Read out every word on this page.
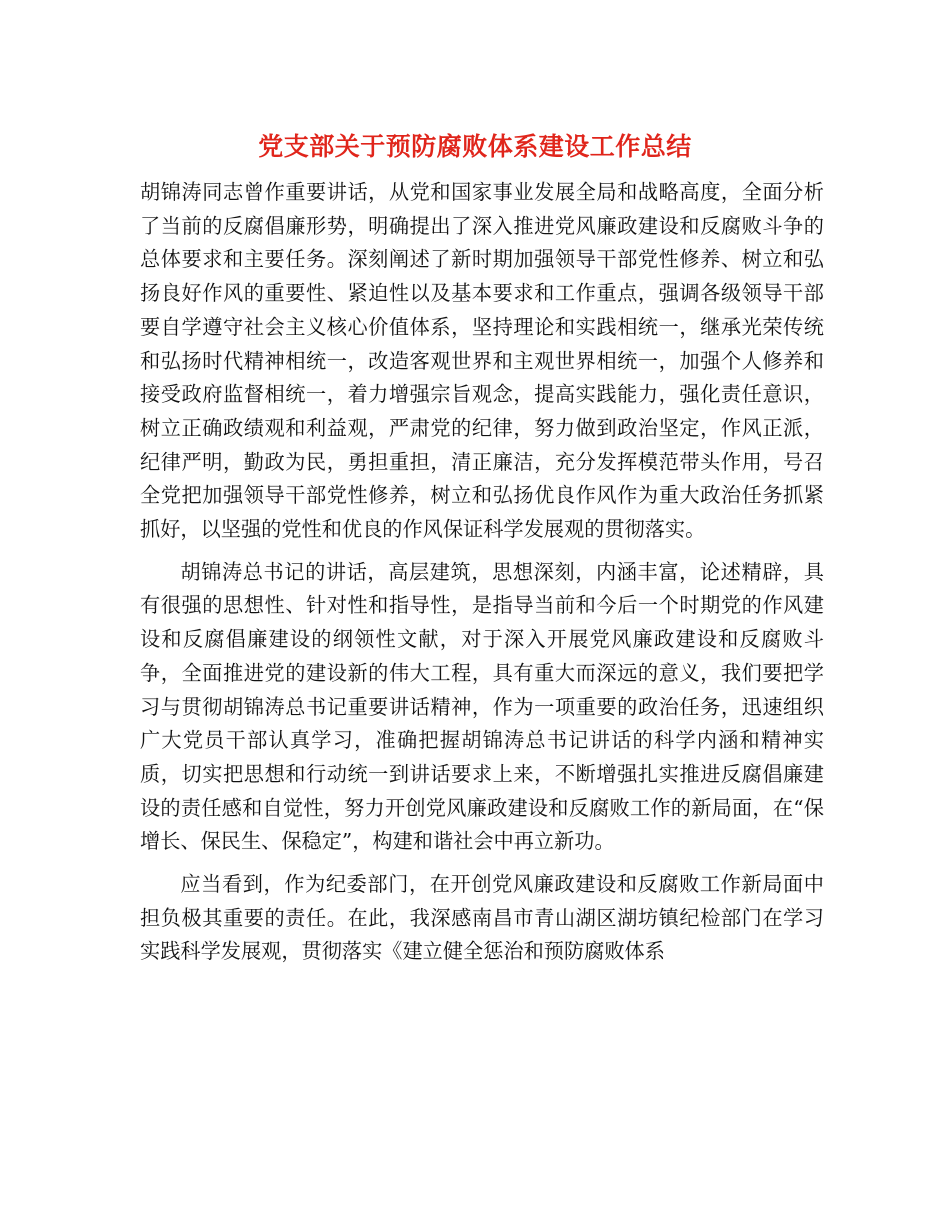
党支部关于预防腐败体系建设工作总结

胡锦涛同志曾作重要讲话，从党和国家事业发展全局和战略高度，全面分析了当前的反腐倡廉形势，明确提出了深入推进党风廉政建设和反腐败斗争的总体要求和主要任务。深刻阐述了新时期加强领导干部党性修养、树立和弘扬良好作风的重要性、紧迫性以及基本要求和工作重点，强调各级领导干部要自学遵守社会主义核心价值体系，坚持理论和实践相统一，继承光荣传统和弘扬时代精神相统一，改造客观世界和主观世界相统一，加强个人修养和接受政府监督相统一，着力增强宗旨观念，提高实践能力，强化责任意识，树立正确政绩观和利益观，严肃党的纪律，努力做到政治坚定，作风正派，纪律严明，勤政为民，勇担重担，清正廉洁，充分发挥模范带头作用，号召全党把加强领导干部党性修养，树立和弘扬优良作风作为重大政治任务抓紧抓好，以坚强的党性和优良的作风保证科学发展观的贯彻落实。

胡锦涛总书记的讲话，高层建筑，思想深刻，内涵丰富，论述精辟，具有很强的思想性、针对性和指导性，是指导当前和今后一个时期党的作风建设和反腐倡廉建设的纲领性文献，对于深入开展党风廉政建设和反腐败斗争，全面推进党的建设新的伟大工程，具有重大而深远的意义，我们要把学习与贯彻胡锦涛总书记重要讲话精神，作为一项重要的政治任务，迅速组织广大党员干部认真学习，准确把握胡锦涛总书记讲话的科学内涵和精神实质，切实把思想和行动统一到讲话要求上来，不断增强扎实推进反腐倡廉建设的责任感和自觉性，努力开创党风廉政建设和反腐败工作的新局面，在“保增长、保民生、保稳定”，构建和谐社会中再立新功。

应当看到，作为纪委部门，在开创党风廉政建设和反腐败工作新局面中担负极其重要的责任。在此，我深感南昌市青山湖区湖坊镇纪检部门在学习实践科学发展观，贯彻落实《建立健全惩治和预防腐败体系
